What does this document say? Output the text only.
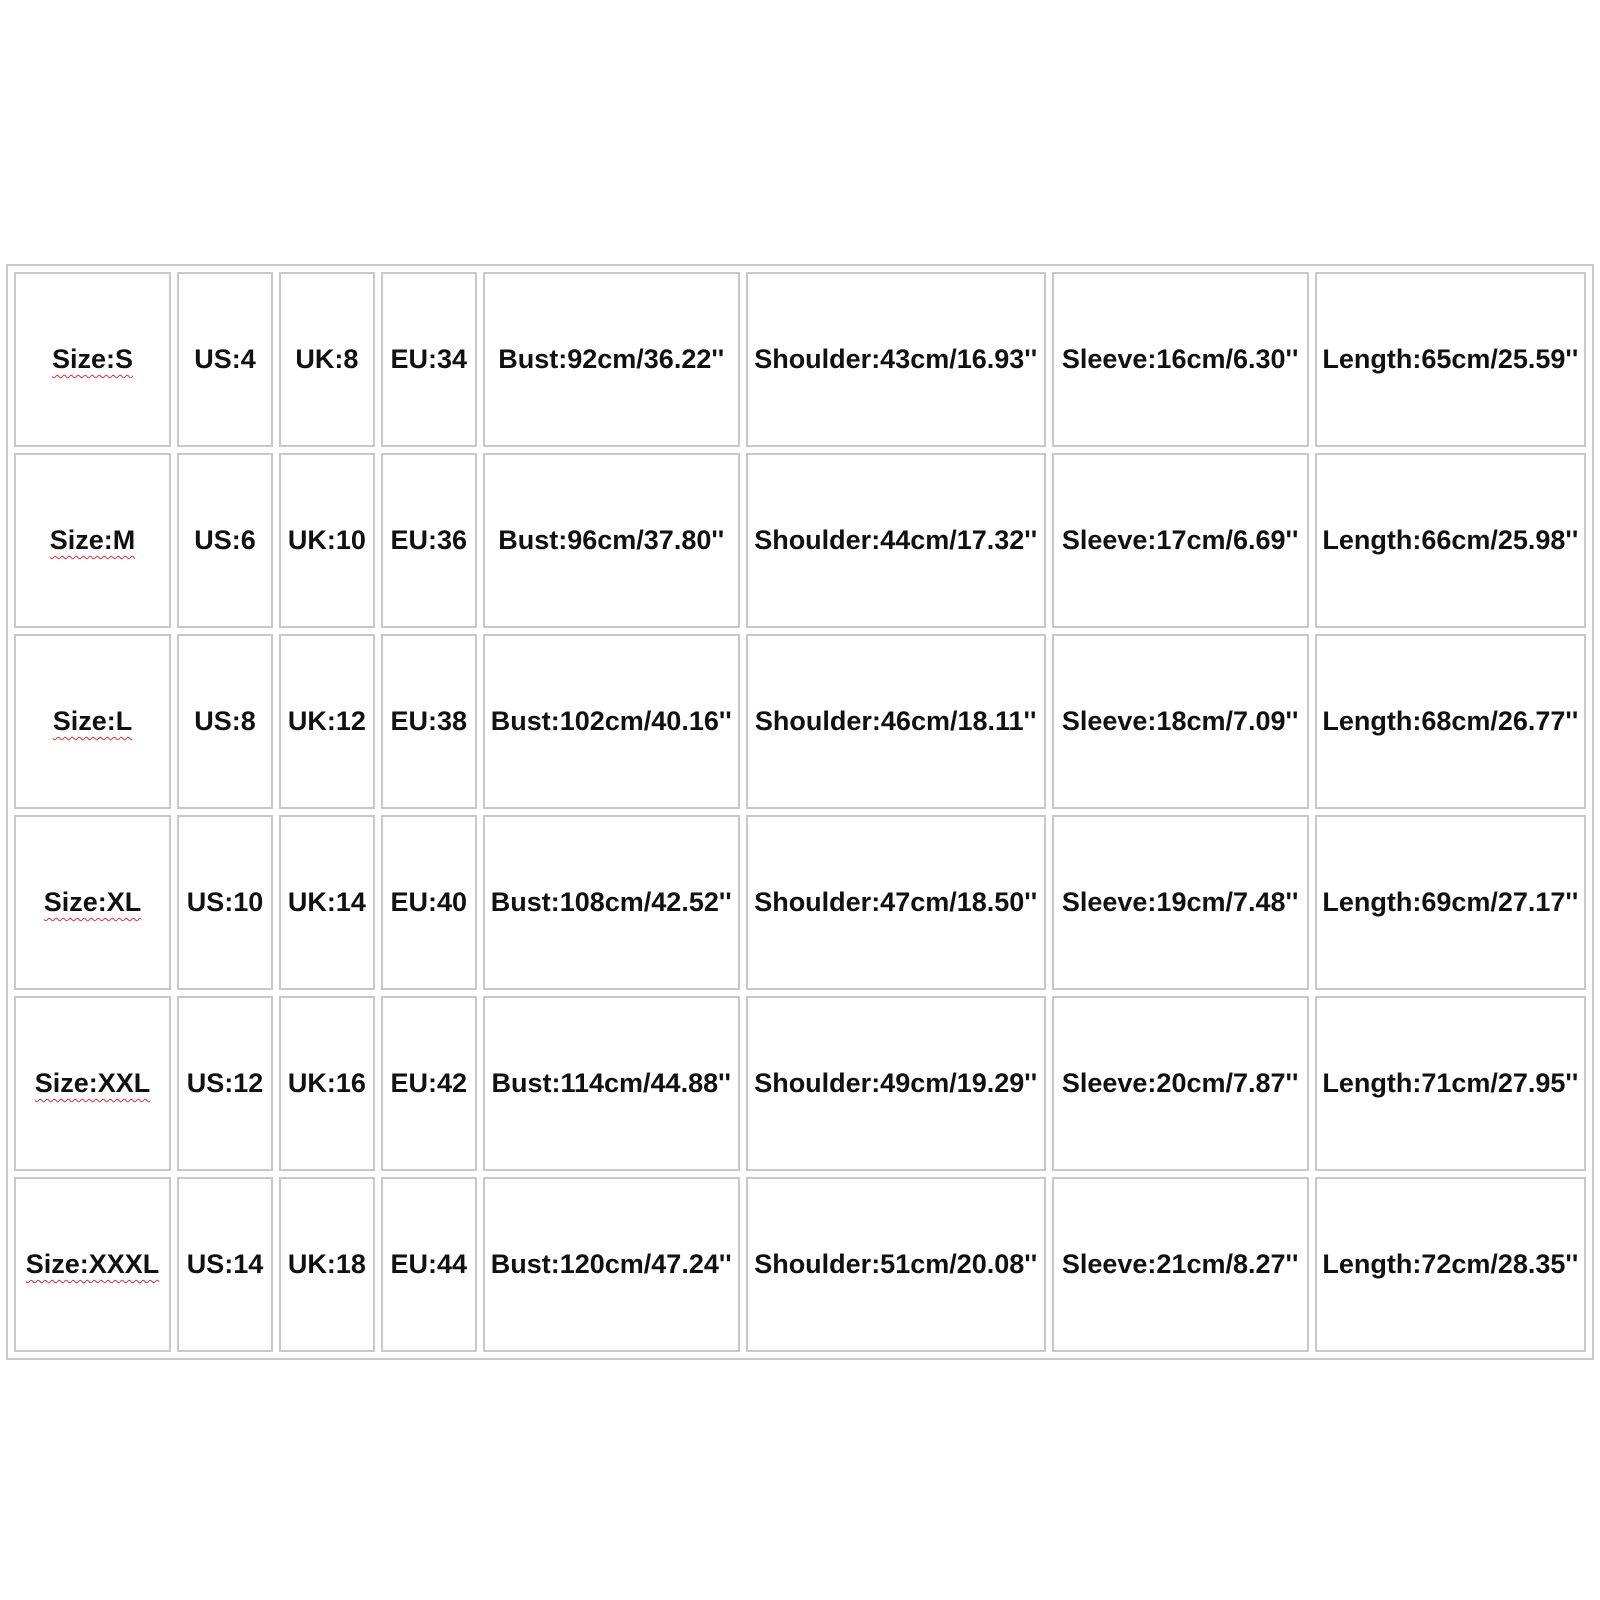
Size:S	US:4	UK:8	EU:34	Bust:92cm/36.22''	Shoulder:43cm/16.93''	Sleeve:16cm/6.30''	Length:65cm/25.59''
Size:M	US:6	UK:10	EU:36	Bust:96cm/37.80''	Shoulder:44cm/17.32''	Sleeve:17cm/6.69''	Length:66cm/25.98''
Size:L	US:8	UK:12	EU:38	Bust:102cm/40.16''	Shoulder:46cm/18.11''	Sleeve:18cm/7.09''	Length:68cm/26.77''
Size:XL	US:10	UK:14	EU:40	Bust:108cm/42.52''	Shoulder:47cm/18.50''	Sleeve:19cm/7.48''	Length:69cm/27.17''
Size:XXL	US:12	UK:16	EU:42	Bust:114cm/44.88''	Shoulder:49cm/19.29''	Sleeve:20cm/7.87''	Length:71cm/27.95''
Size:XXXL	US:14	UK:18	EU:44	Bust:120cm/47.24''	Shoulder:51cm/20.08''	Sleeve:21cm/8.27''	Length:72cm/28.35''
